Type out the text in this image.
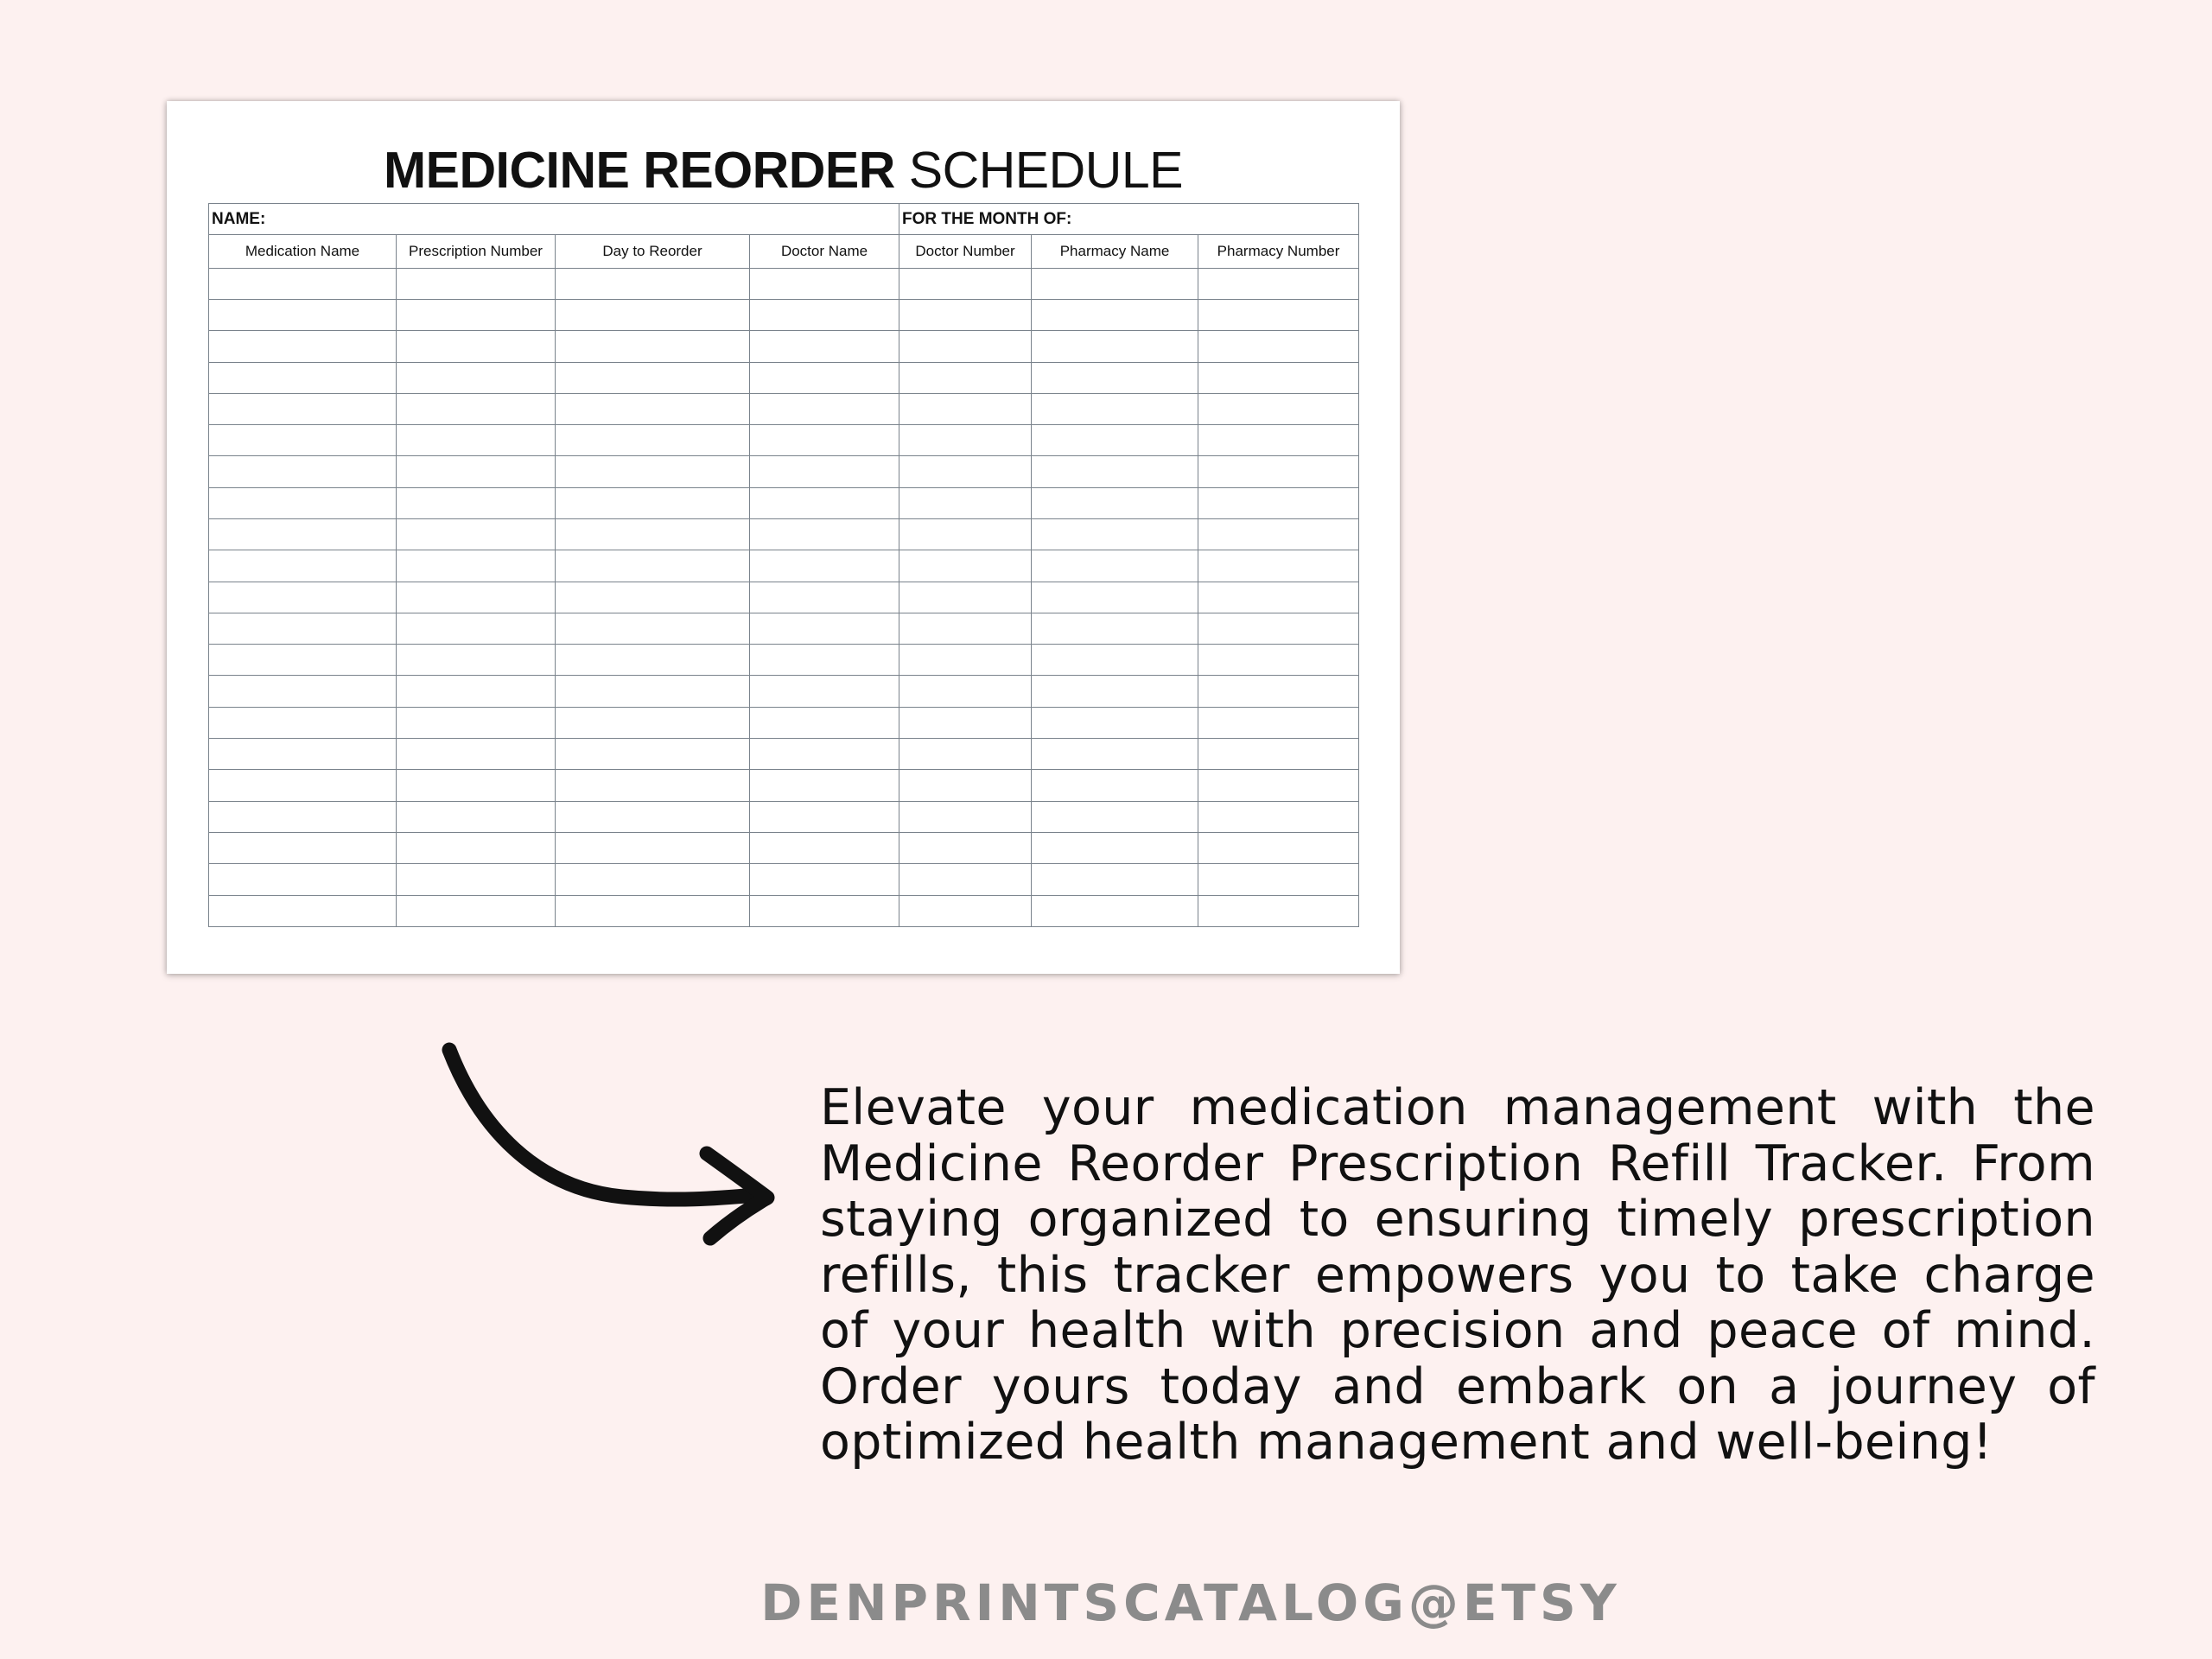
MEDICINE REORDER SCHEDULE
NAME:				FOR THE MONTH OF:		
Medication Name	Prescription Number	Day to Reorder	Doctor Name	Doctor Number	Pharmacy Name	Pharmacy Number

Elevate your medication management with the Medicine Reorder Prescription Refill Tracker. From staying organized to ensuring timely prescription refills, this tracker empowers you to take charge of your health with precision and peace of mind. Order yours today and embark on a journey of optimized health management and well-being!
DENPRINTSCATALOG@ETSY
